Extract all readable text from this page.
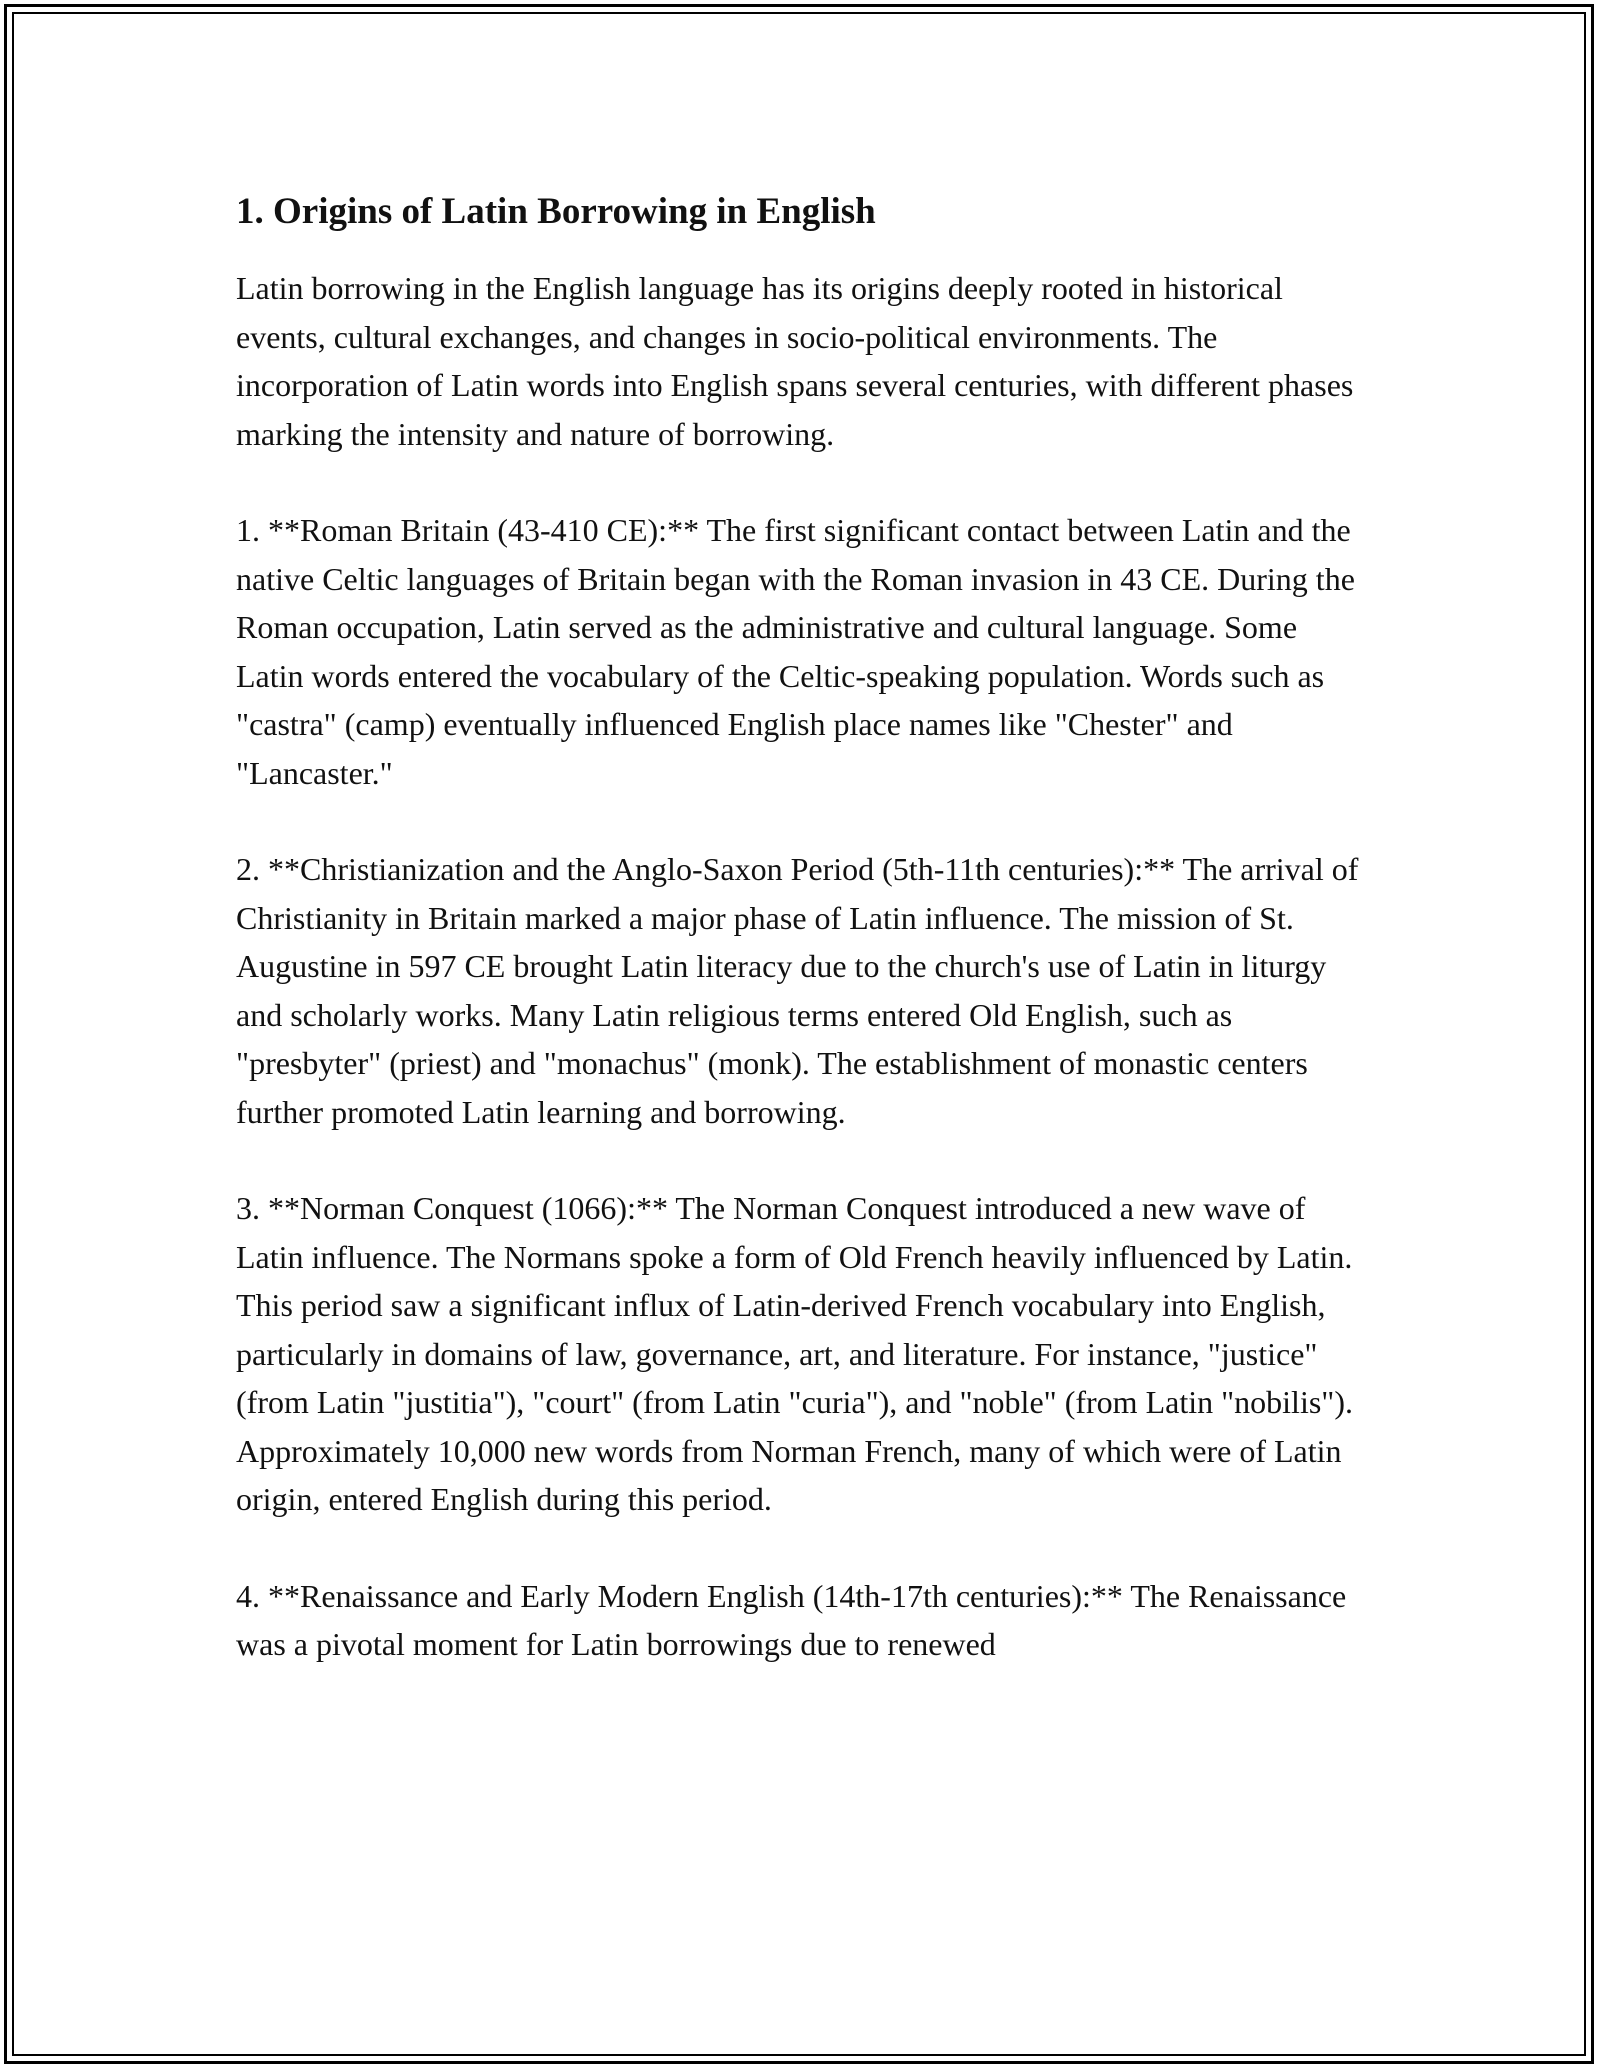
1. Origins of Latin Borrowing in English

Latin borrowing in the English language has its origins deeply rooted in historical events, cultural exchanges, and changes in socio-political environments. The incorporation of Latin words into English spans several centuries, with different phases marking the intensity and nature of borrowing.

1. **Roman Britain (43-410 CE):** The first significant contact between Latin and the native Celtic languages of Britain began with the Roman invasion in 43 CE. During the Roman occupation, Latin served as the administrative and cultural language. Some Latin words entered the vocabulary of the Celtic-speaking population. Words such as "castra" (camp) eventually influenced English place names like "Chester" and "Lancaster."

2. **Christianization and the Anglo-Saxon Period (5th-11th centuries):** The arrival of Christianity in Britain marked a major phase of Latin influence. The mission of St. Augustine in 597 CE brought Latin literacy due to the church's use of Latin in liturgy and scholarly works. Many Latin religious terms entered Old English, such as "presbyter" (priest) and "monachus" (monk). The establishment of monastic centers further promoted Latin learning and borrowing.

3. **Norman Conquest (1066):** The Norman Conquest introduced a new wave of Latin influence. The Normans spoke a form of Old French heavily influenced by Latin. This period saw a significant influx of Latin-derived French vocabulary into English, particularly in domains of law, governance, art, and literature. For instance, "justice" (from Latin "justitia"), "court" (from Latin "curia"), and "noble" (from Latin "nobilis"). Approximately 10,000 new words from Norman French, many of which were of Latin origin, entered English during this period.

4. **Renaissance and Early Modern English (14th-17th centuries):** The Renaissance was a pivotal moment for Latin borrowings due to renewed
